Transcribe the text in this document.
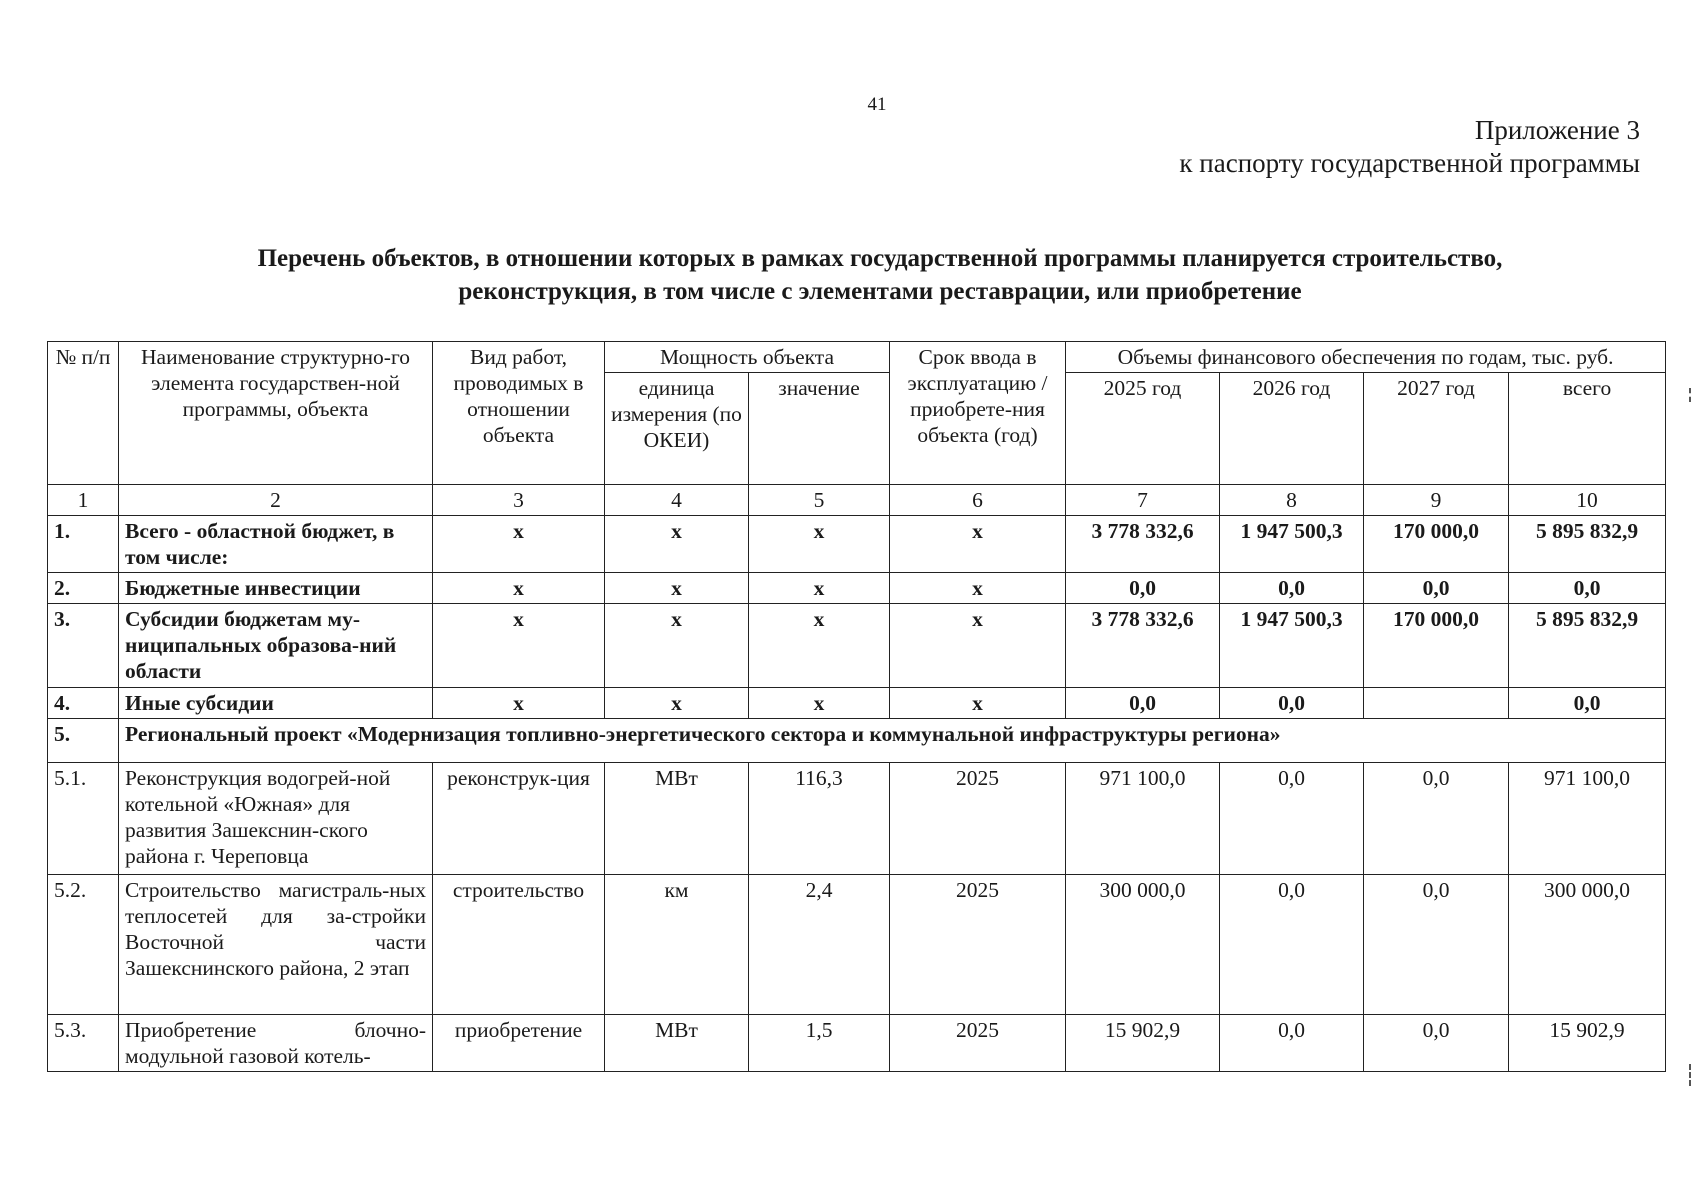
41
Приложение 3
к паспорту государственной программы
Перечень объектов, в отношении которых в рамках государственной программы планируется строительство,
реконструкция, в том числе с элементами реставрации, или приобретение
№ п/п	Наименование структурно-го элемента государствен-ной программы, объекта	Вид работ, проводимых в отношении объекта	Мощность объекта		Срок ввода в эксплуатацию / приобрете-ния объекта (год)	Объемы финансового обеспечения по годам, тыс. руб.			
			единица измерения (по ОКЕИ)	значение		2025 год	2026 год	2027 год	всего
1	2	3	4	5	6	7	8	9	10
1.	Всего - областной бюджет, в том числе:	x	x	x	x	3 778 332,6	1 947 500,3	170 000,0	5 895 832,9
2.	Бюджетные инвестиции	x	x	x	x	0,0	0,0	0,0	0,0
3.	Субсидии бюджетам му-ниципальных образова-ний области	x	x	x	x	3 778 332,6	1 947 500,3	170 000,0	5 895 832,9
4.	Иные субсидии	x	x	x	x	0,0	0,0		0,0
5.	Региональный проект «Модернизация топливно-энергетического сектора и коммунальной инфраструктуры региона»								
5.1.	Реконструкция водогрей-ной котельной «Южная» для развития Зашекснин-ского района г. Череповца	реконструк-ция	МВт	116,3	2025	971 100,0	0,0	0,0	971 100,0
5.2.	Строительство магистраль-ных теплосетей для за-стройки Восточной части Зашекснинского района, 2 этап	строительство	км	2,4	2025	300 000,0	0,0	0,0	300 000,0
5.3.	Приобретение блочно-модульной газовой котель-	приобретение	МВт	1,5	2025	15 902,9	0,0	0,0	15 902,9
